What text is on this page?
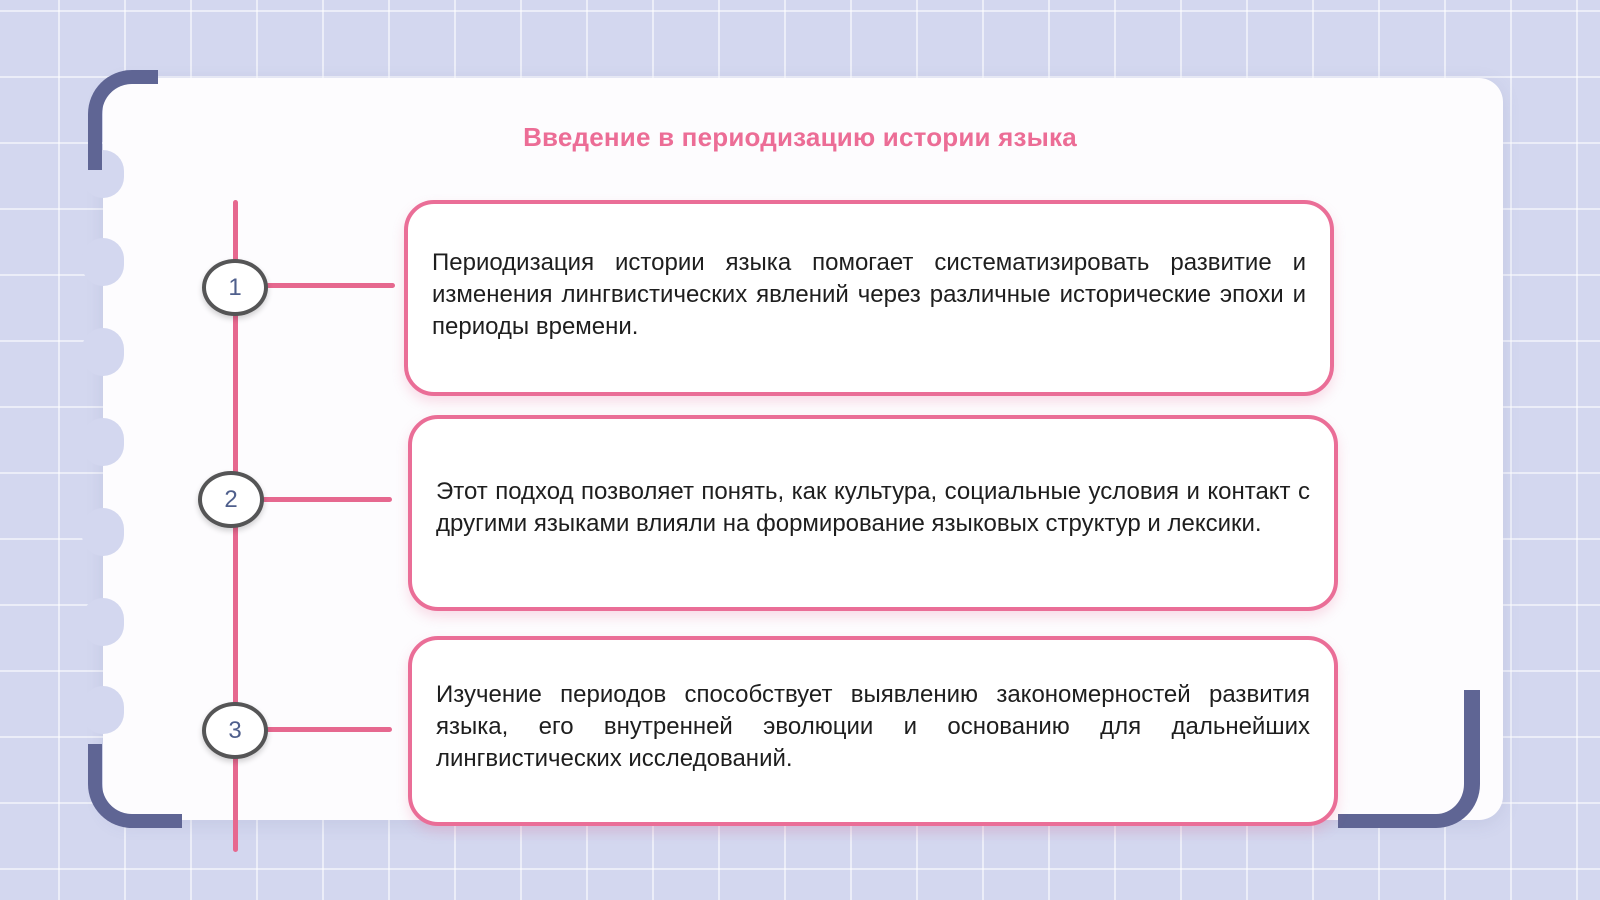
Введение в периодизацию истории языка
1
2
3

Периодизация истории языка помогает систематизировать развитие и изменения лингвистических явлений через различные исторические эпохи и периоды времени.

Этот подход позволяет понять, как культура, социальные условия и контакт с другими языками влияли на формирование языковых структур и лексики.

Изучение периодов способствует выявлению закономерностей развития языка, его внутренней эволюции и основанию для дальнейших лингвистических исследований.
